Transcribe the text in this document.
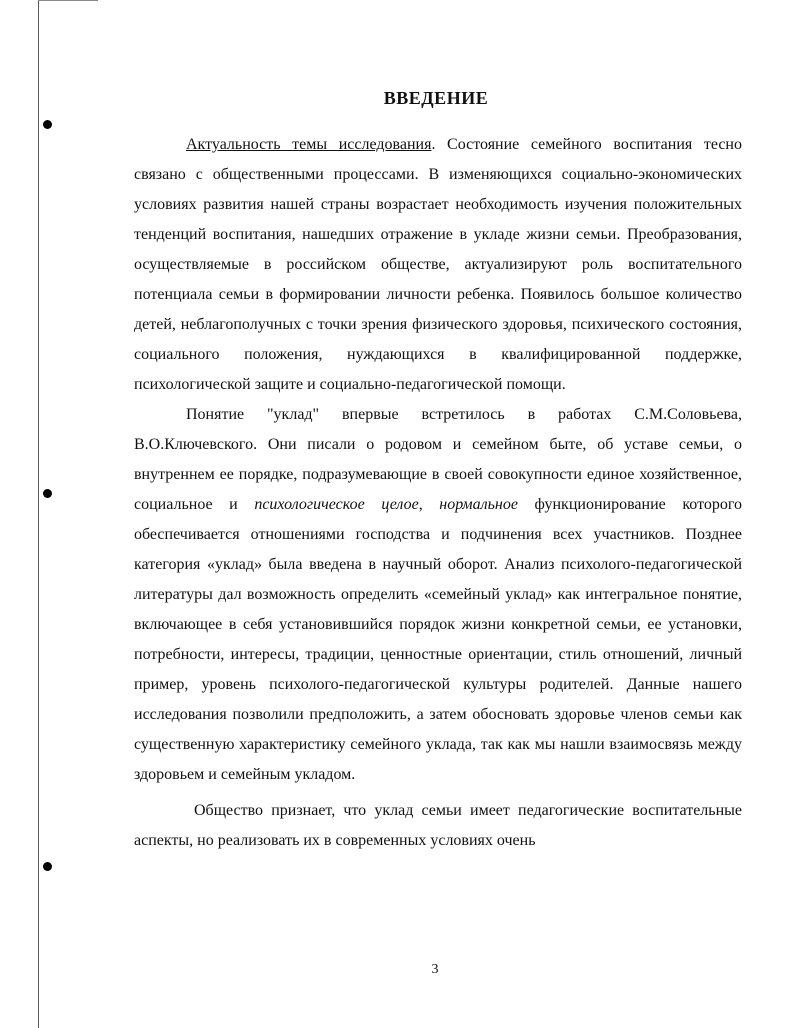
ВВЕДЕНИЕ

Актуальность темы исследования. Состояние семейного воспитания тесно связано с общественными процессами. В изменяющихся социально-экономических условиях развития нашей страны возрастает необходимость изучения положительных тенденций воспитания, нашедших отражение в укладе жизни семьи. Преобразования, осуществляемые в российском обществе, актуализируют роль воспитательного потенциала семьи в формировании личности ребенка. Появилось большое количество детей, неблагополучных с точки зрения физического здоровья, психического состояния, социального положения, нуждающихся в квалифицированной поддержке, психологической защите и социально-педагогической помощи.

Понятие "уклад" впервые встретилось в работах С.М.Соловьева, В.О.Ключевского. Они писали о родовом и семейном быте, об уставе семьи, о внутреннем ее порядке, подразумевающие в своей совокупности единое хозяйственное, социальное и психологическое целое, нормальное функционирование которого обеспечивается отношениями господства и подчинения всех участников. Позднее категория «уклад» была введена в научный оборот. Анализ психолого-педагогической литературы дал возможность определить «семейный уклад» как интегральное понятие, включающее в себя установившийся порядок жизни конкретной семьи, ее установки, потребности, интересы, традиции, ценностные ориентации, стиль отношений, личный пример, уровень психолого-педагогической культуры родителей. Данные нашего исследования позволили предположить, а затем обосновать здоровье членов семьи как существенную характеристику семейного уклада, так как мы нашли взаимосвязь между здоровьем и семейным укладом.

Общество признает, что уклад семьи имеет педагогические воспитательные аспекты, но реализовать их в современных условиях очень

3
